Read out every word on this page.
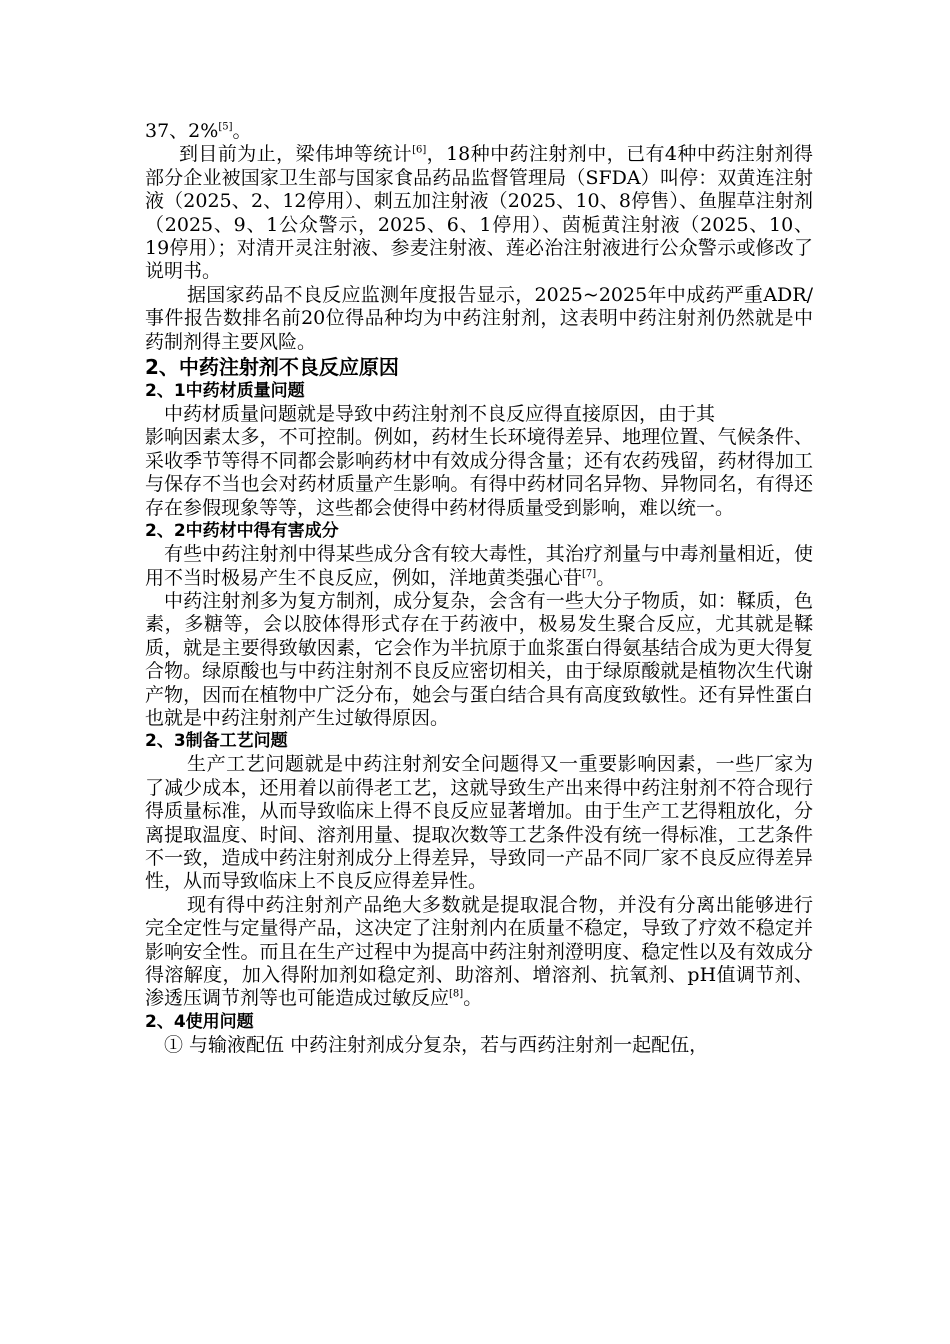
37、2%[5]。

到目前为止，梁伟坤等统计[6]，18种中药注射剂中，已有4种中药注射剂得部分企业被国家卫生部与国家食品药品监督管理局（SFDA）叫停：双黄连注射液（2025、2、12停用）、刺五加注射液（2025、10、8停售）、鱼腥草注射剂（2025、9、1公众警示，2025、6、1停用）、茵栀黄注射液（2025、10、19停用）；对清开灵注射液、参麦注射液、莲必治注射液进行公众警示或修改了说明书。

据国家药品不良反应监测年度报告显示，2025~2025年中成药严重ADR/事件报告数排名前20位得品种均为中药注射剂，这表明中药注射剂仍然就是中药制剂得主要风险。

2、中药注射剂不良反应原因

2、1中药材质量问题

中药材质量问题就是导致中药注射剂不良反应得直接原因，由于其

影响因素太多，不可控制。例如，药材生长环境得差异、地理位置、气候条件、采收季节等得不同都会影响药材中有效成分得含量；还有农药残留，药材得加工与保存不当也会对药材质量产生影响。有得中药材同名异物、异物同名，有得还存在参假现象等等，这些都会使得中药材得质量受到影响，难以统一。

2、2中药材中得有害成分

有些中药注射剂中得某些成分含有较大毒性，其治疗剂量与中毒剂量相近，使用不当时极易产生不良反应，例如，洋地黄类强心苷[7]。

中药注射剂多为复方制剂，成分复杂，会含有一些大分子物质，如：鞣质，色素，多糖等，会以胶体得形式存在于药液中，极易发生聚合反应，尤其就是鞣质，就是主要得致敏因素，它会作为半抗原于血浆蛋白得氨基结合成为更大得复合物。绿原酸也与中药注射剂不良反应密切相关，由于绿原酸就是植物次生代谢产物，因而在植物中广泛分布，她会与蛋白结合具有高度致敏性。还有异性蛋白也就是中药注射剂产生过敏得原因。

2、3制备工艺问题

生产工艺问题就是中药注射剂安全问题得又一重要影响因素，一些厂家为了减少成本，还用着以前得老工艺，这就导致生产出来得中药注射剂不符合现行得质量标准，从而导致临床上得不良反应显著增加。由于生产工艺得粗放化，分离提取温度、时间、溶剂用量、提取次数等工艺条件没有统一得标准，工艺条件不一致，造成中药注射剂成分上得差异，导致同一产品不同厂家不良反应得差异性，从而导致临床上不良反应得差异性。

现有得中药注射剂产品绝大多数就是提取混合物，并没有分离出能够进行完全定性与定量得产品，这决定了注射剂内在质量不稳定，导致了疗效不稳定并影响安全性。而且在生产过程中为提高中药注射剂澄明度、稳定性以及有效成分得溶解度，加入得附加剂如稳定剂、助溶剂、增溶剂、抗氧剂、pH值调节剂、渗透压调节剂等也可能造成过敏反应[8]。

2、4使用问题

① 与输液配伍 中药注射剂成分复杂，若与西药注射剂一起配伍，
